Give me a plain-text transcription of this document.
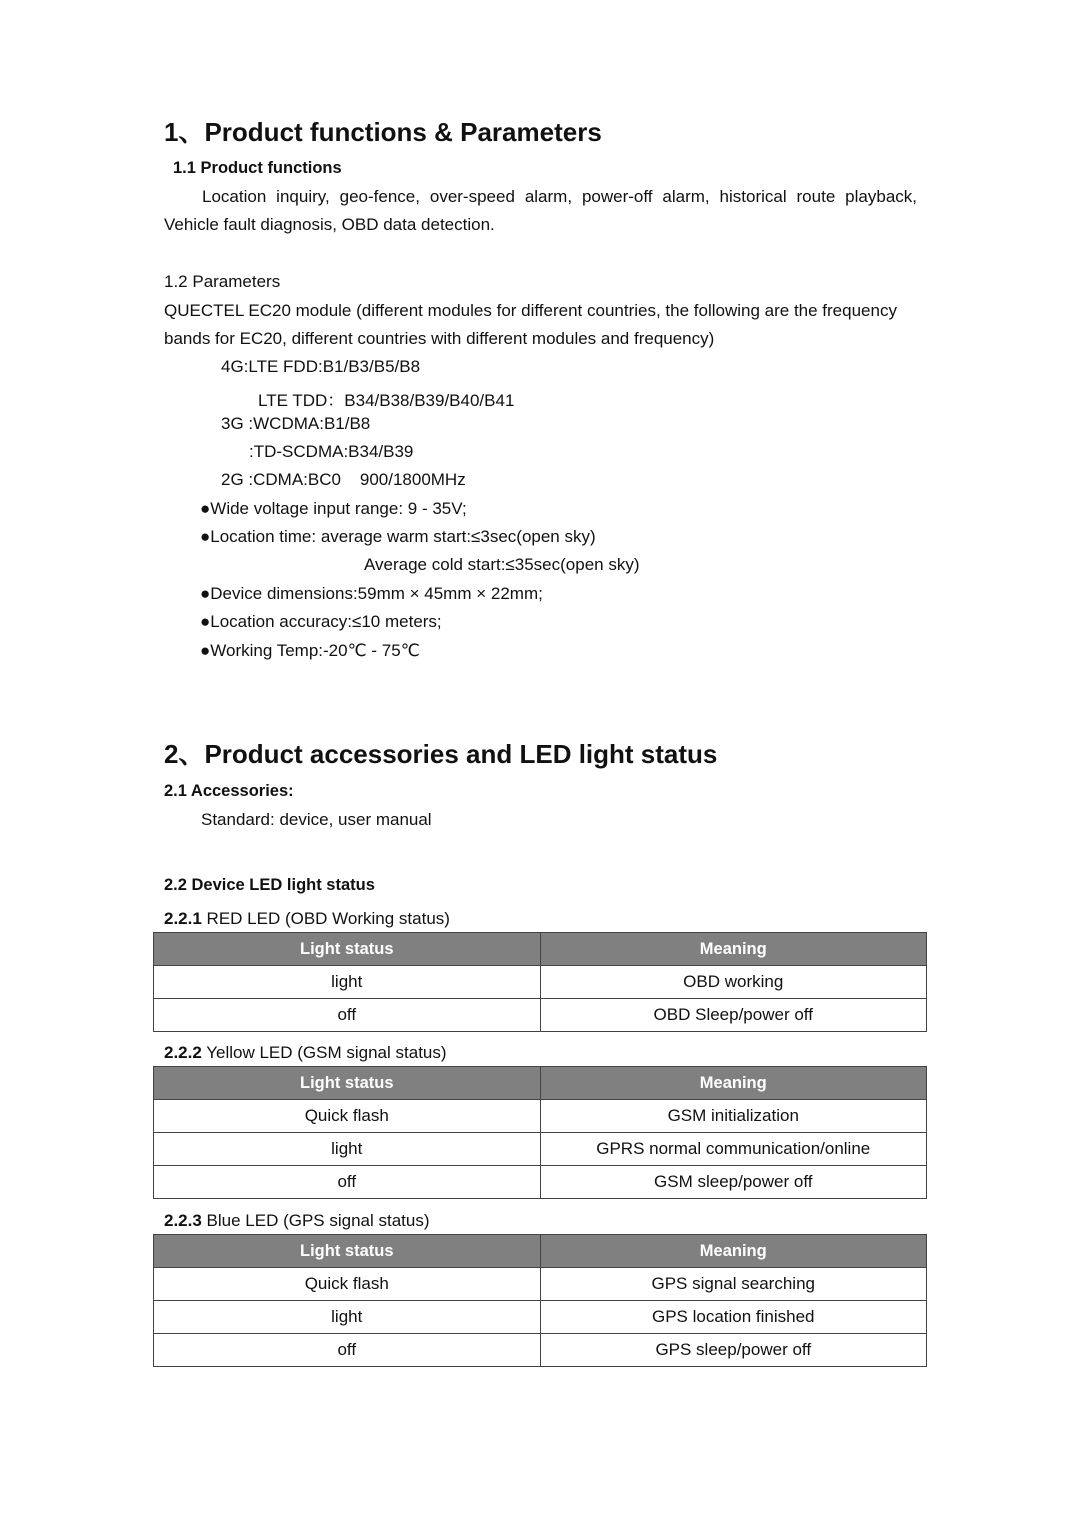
1、Product functions & Parameters
1.1 Product functions
Location inquiry, geo-fence, over-speed alarm, power-off alarm, historical route playback,
Vehicle fault diagnosis, OBD data detection.
1.2 Parameters
QUECTEL EC20 module (different modules for different countries, the following are the frequency
bands for EC20, different countries with different modules and frequency)
4G:LTE FDD:B1/B3/B5/B8
LTE TDD：B34/B38/B39/B40/B41
3G :WCDMA:B1/B8
:TD-SCDMA:B34/B39
2G :CDMA:BC0    900/1800MHz
●Wide voltage input range: 9 - 35V;
●Location time: average warm start:≤3sec(open sky)
Average cold start:≤35sec(open sky)
●Device dimensions:59mm × 45mm × 22mm;
●Location accuracy:≤10 meters;
●Working Temp:-20℃ - 75℃
2、Product accessories and LED light status
2.1 Accessories:
Standard: device, user manual
2.2 Device LED light status
2.2.1 RED LED (OBD Working status)
Light status	Meaning
light	OBD working
off	OBD Sleep/power off
2.2.2 Yellow LED (GSM signal status)
Light status	Meaning
Quick flash	GSM initialization
light	GPRS normal communication/online
off	GSM sleep/power off
2.2.3 Blue LED (GPS signal status)
Light status	Meaning
Quick flash	GPS signal searching
light	GPS location finished
off	GPS sleep/power off
